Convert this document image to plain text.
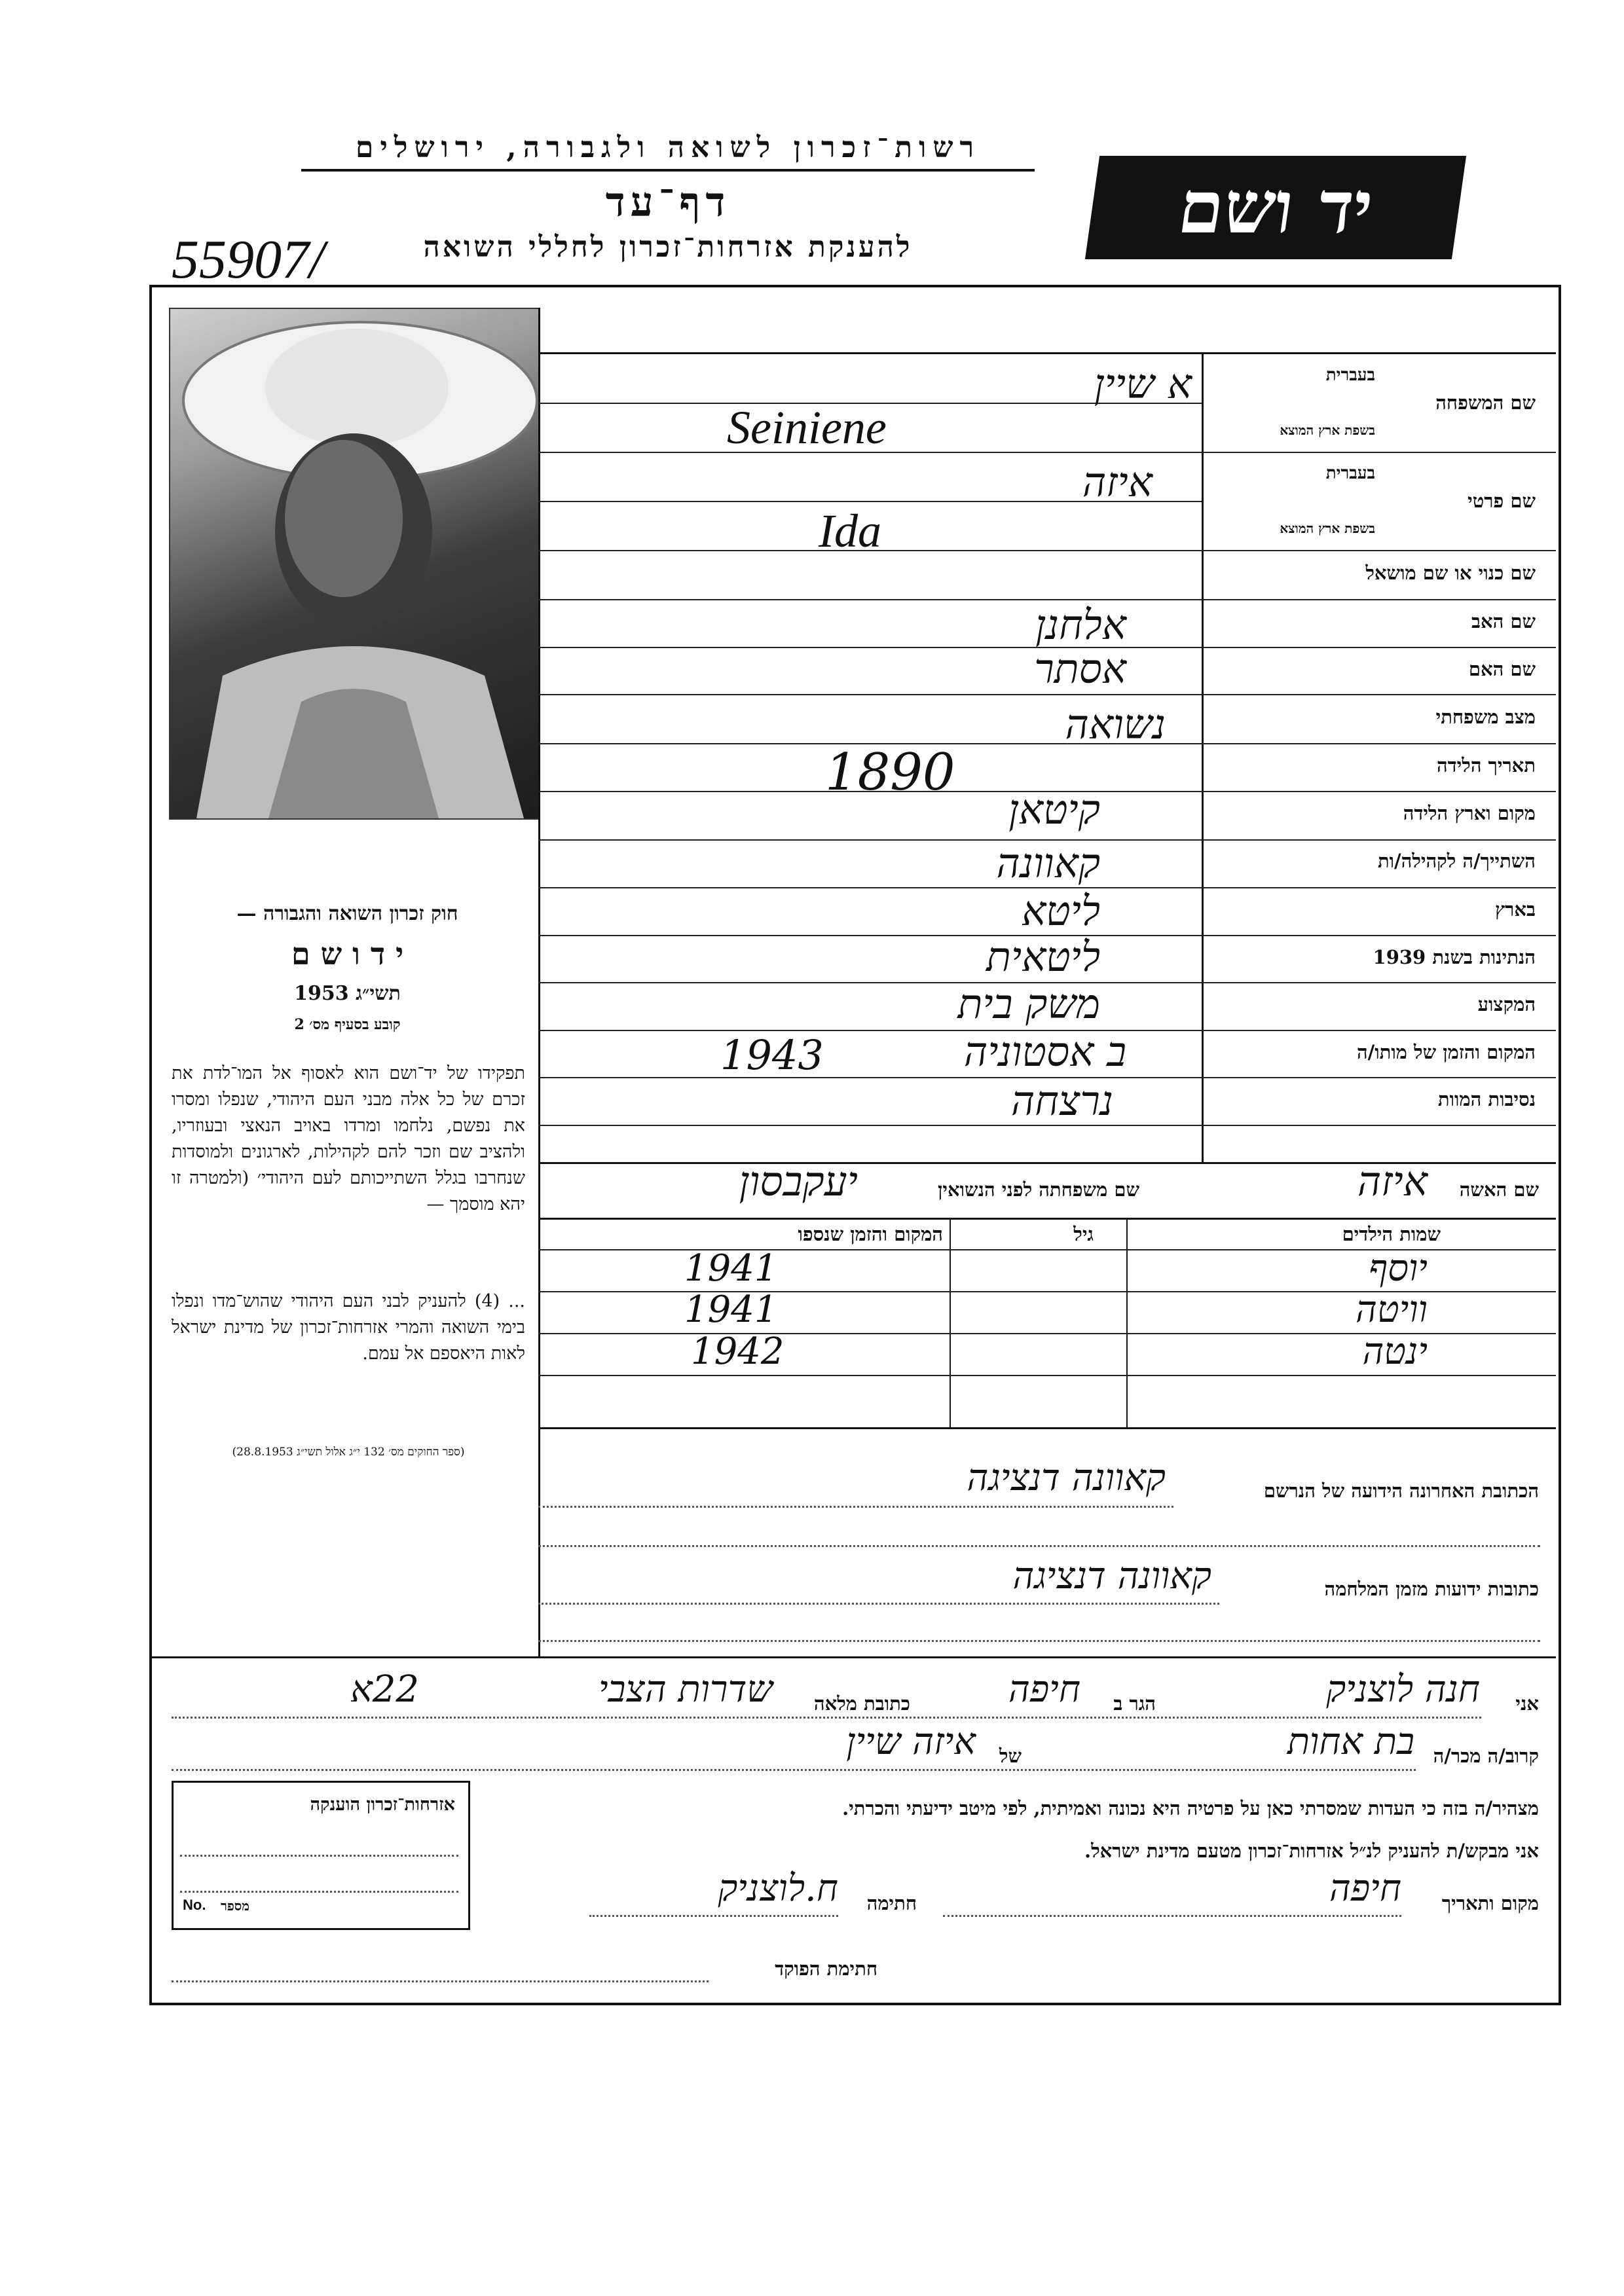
55907/
רשות־זכרון לשואה ולגבורה, ירושלים
דף־עד
להענקת אזרחות־זכרון לחללי השואה	יד ושם
שם המשפחה
בעברית
בשפת ארץ המוצא
שם פרטי
בעברית
בשפת ארץ המוצא
שם כנוי או שם מושאל
שם האב
שם האם
מצב משפחתי
תאריך הלידה
מקום וארץ הלידה
השתייך/ה לקהילה/ות
בארץ
הנתינות בשנת 1939
המקצוע
המקום והזמן של מותו/ה
נסיבות המוות
א שיין
Seiniene
איזה
Ida
אלחנן
אסתר
נשואה
1890
קיטאן
קאוונה
ליטא
ליטאית
משק בית
ב אסטוניה
1943
נרצחה
חוק זכרון השואה והגבורה —
י ד ו ש ם
תשי״ג 1953
קובע בסעיף מס׳ 2
תפקידו של יד־ושם הוא לאסוף אל המו־לדת את זכרם של כל אלה מבני העם היהודי, שנפלו ומסרו את נפשם, נלחמו ומרדו באויב הנאצי ובעוזריו, ולהציב שם וזכר להם לקהילות, לארגונים ולמוסדות שנחרבו בגלל השתייכותם לעם היהודי׳ (ולמטרה זו יהא מוסמך —
... (4) להעניק לבני העם היהודי שהוש־מדו ונפלו בימי השואה והמרי אזרחות־זכרון של מדינת ישראל לאות היאספם אל עמם.
(ספר החוקים מס׳ 132 י״ג אלול תשי״ג 28.8.1953)
שם האשה
איזה
שם משפחתה לפני הנשואין
יעקבסון
שמות הילדים
גיל
המקום והזמן שנספו
יוסף
1941
וויטה
1941
ינטה
1942
הכתובת האחרונה הידועה של הנרשם
קאוונה דנציגה
כתובות ידועות מזמן המלחמה
קאוונה דנציגה
אני
חנה לוצניק
הגר ב
חיפה
כתובת מלאה
שדרות הצבי
22א
קרוב/ה מכר/ה
בת אחות
של
איזה שיין
מצהיר/ה בזה כי העדות שמסרתי כאן על פרטיה היא נכונה ואמיתית, לפי מיטב ידיעתי והכרתי.
אני מבקש/ת להעניק לנ״ל אזרחות־זכרון מטעם מדינת ישראל.
מקום ותאריך
חיפה
חתימה
ח.לוצניק
חתימת הפוקד
אזרחות־זכרון הוענקה
No. מספר
